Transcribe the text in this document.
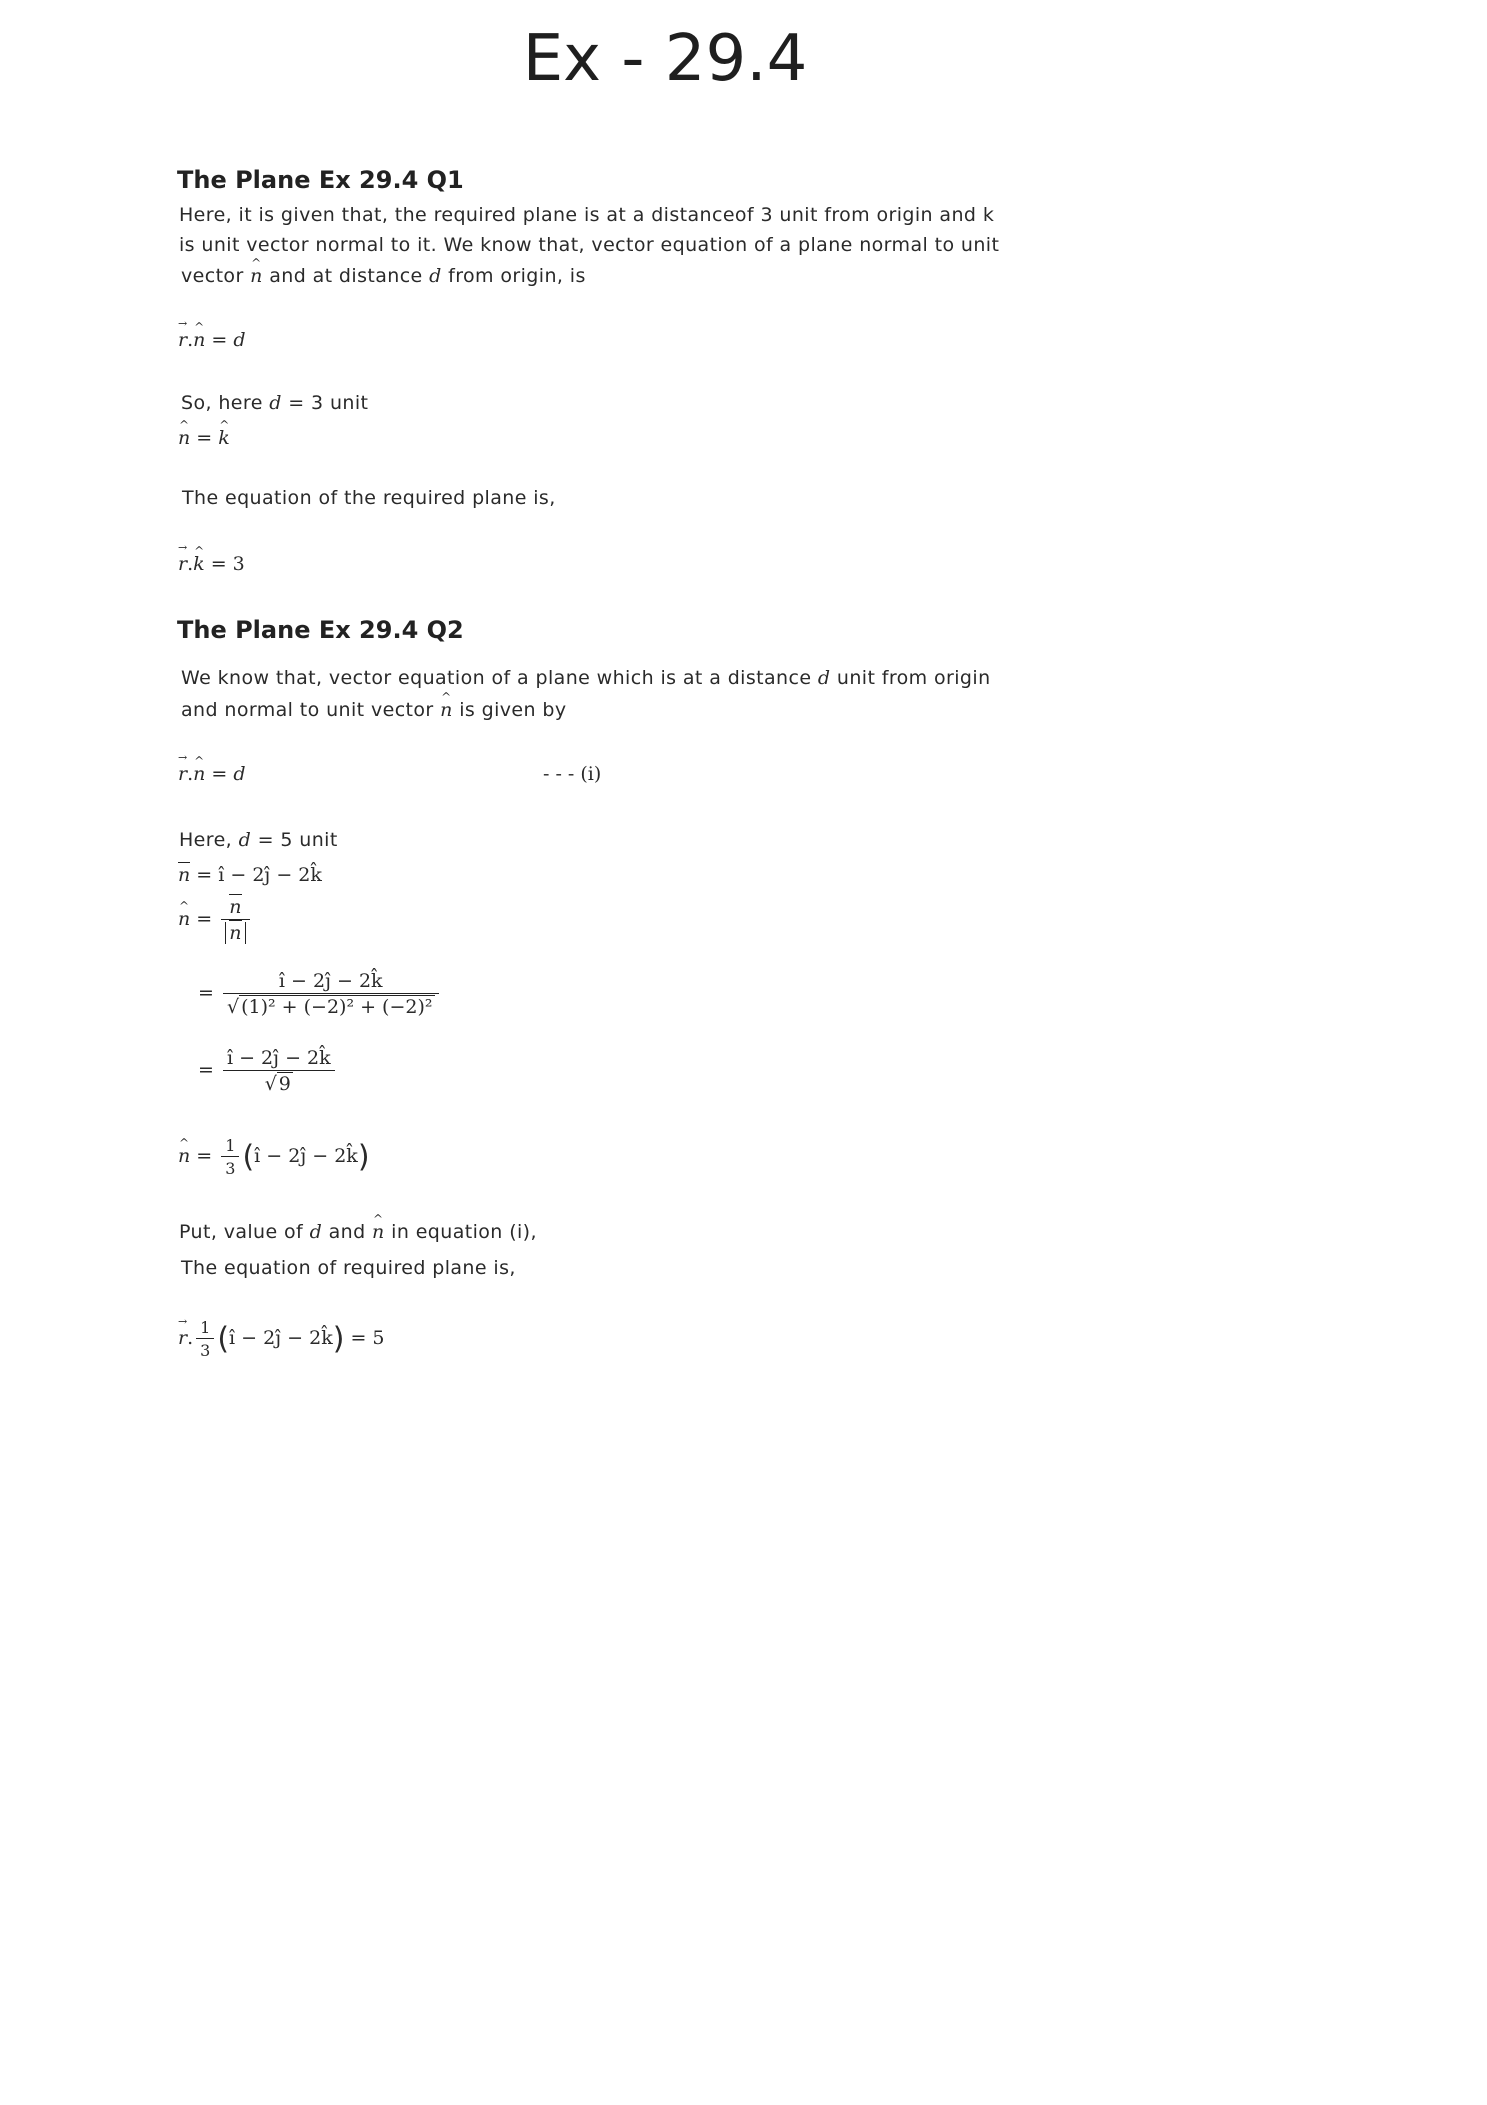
Ex - 29.4
The Plane Ex 29.4 Q1
Here, it is given that, the required plane is at a distanceof 3 unit from origin and k
is unit vector normal to it. We know that, vector equation of a plane normal to unit
vector n ^ and at distance d from origin, is
r →.n ^ = d
So, here d = 3 unit
n ^ = k ^
The equation of the required plane is,
r →.k ^ = 3
The Plane Ex 29.4 Q2
We know that, vector equation of a plane which is at a distance d unit from origin
and normal to unit vector n ^ is given by
r →.n ^ = d	- - - (i)
Here, d = 5 unit
n = î − 2ĵ − 2k̂
n ^ = $\frac{n}{n}$
= $\frac{î - 2ĵ - 2k̂}{\text{√ (1)² + (−2)² + (−2)²}}$
= $\frac{î - 2ĵ - 2k̂}{√ 9}$
n ^ = $\frac{1}{3}$ (î − 2ĵ − 2k̂)
Put, value of d and n ^ in equation (i),
The equation of required plane is,
r →. $\frac{1}{3}$ (î − 2ĵ − 2k̂) = 5
